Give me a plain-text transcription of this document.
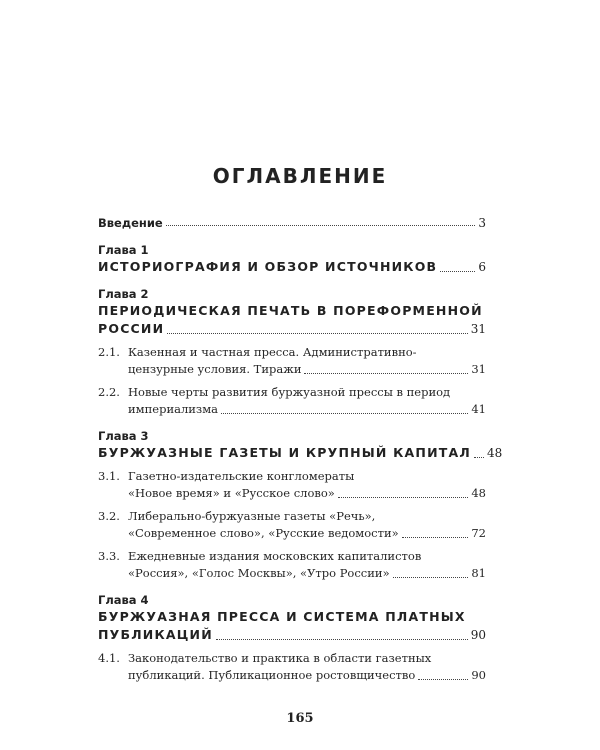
ОГЛАВЛЕНИЕ
Введение	3
Глава 1
ИСТОРИОГРАФИЯ И ОБЗОР ИСТОЧНИКОВ	6
Глава 2
ПЕРИОДИЧЕСКАЯ ПЕЧАТЬ В ПОРЕФОРМЕННОЙ
РОССИИ	31
2.1. Казенная и частная пресса. Административно-
цензурные условия. Тиражи	31
2.2. Новые черты развития буржуазной прессы в период
империализма	41
Глава 3
БУРЖУАЗНЫЕ ГАЗЕТЫ И КРУПНЫЙ КАПИТАЛ 48
3.1. Газетно-издательские конгломераты
«Новое время» и «Русское слово»	48
3.2. Либерально-буржуазные газеты «Речь»,
«Современное слово», «Русские ведомости»	72
3.3. Ежедневные издания московских капиталистов
«Россия», «Голос Москвы», «Утро России»	81
Глава 4
БУРЖУАЗНАЯ ПРЕССА И СИСТЕМА ПЛАТНЫХ
ПУБЛИКАЦИЙ	90
4.1. Законодательство и практика в области газетных
публикаций. Публикационное ростовщичество	90
165
